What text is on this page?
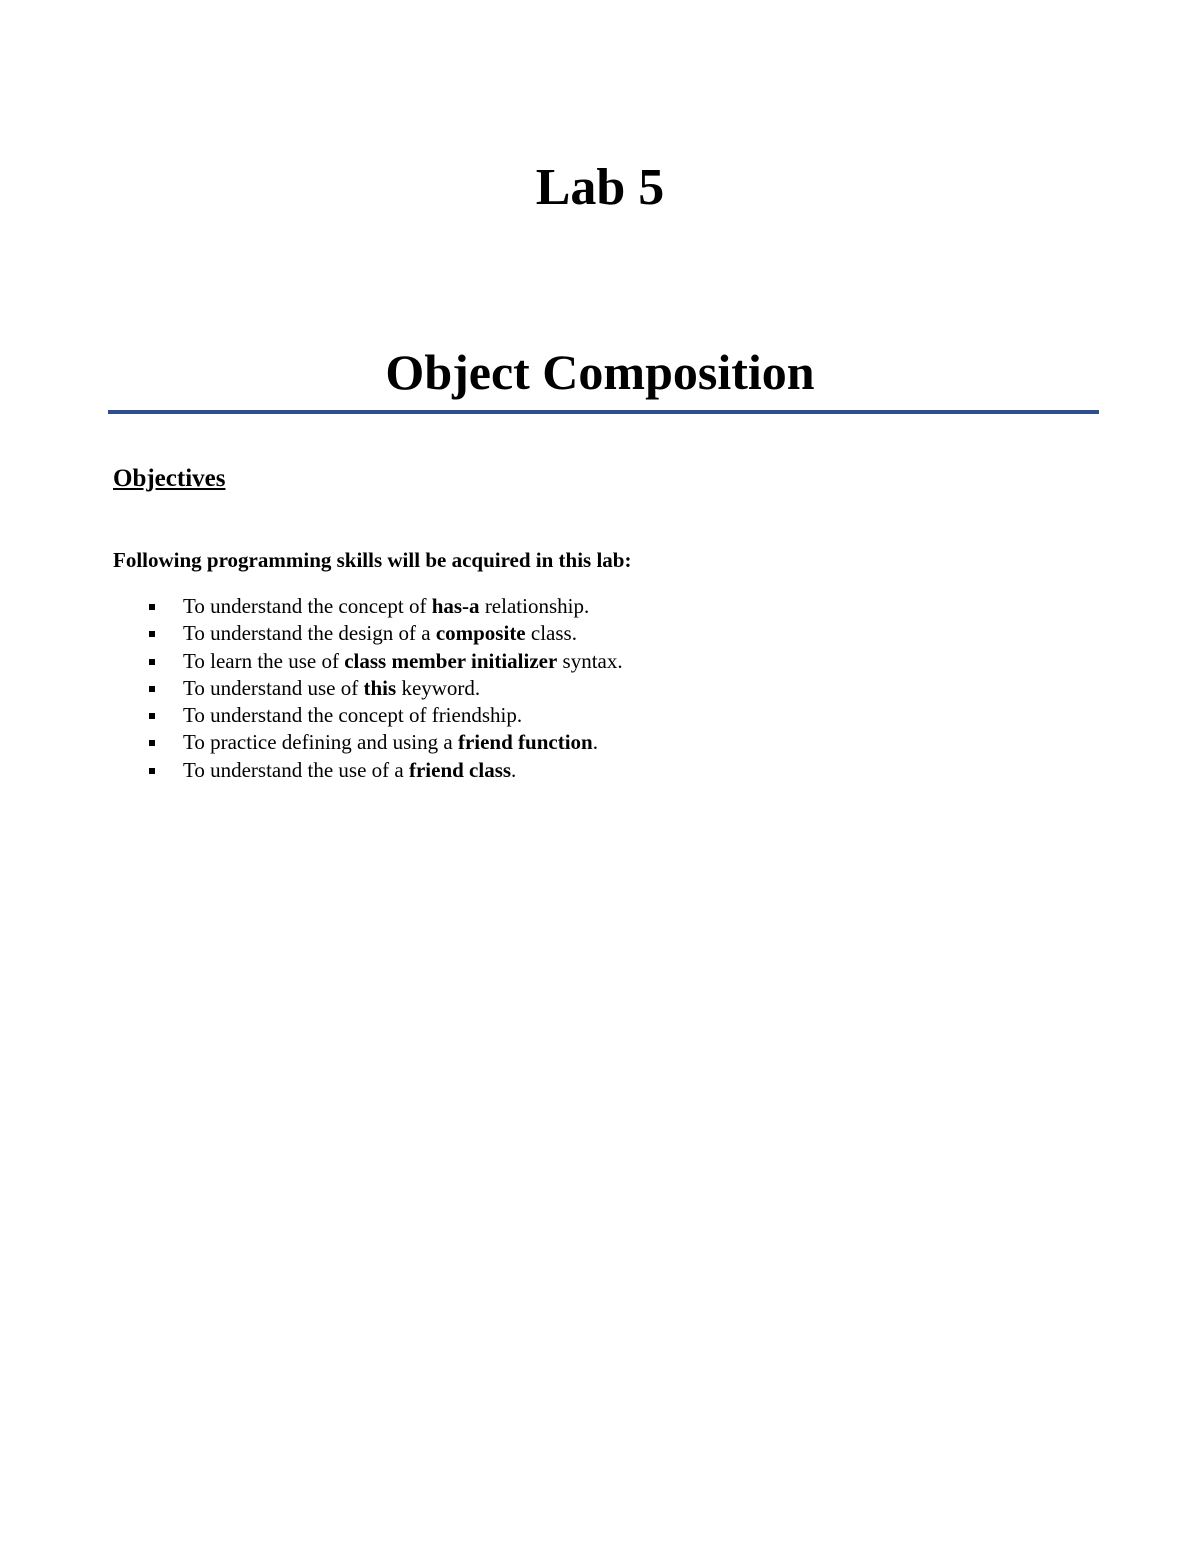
Lab 5
Object Composition
Objectives

Following programming skills will be acquired in this lab:

To understand the concept of has-a relationship.
To understand the design of a composite class.
To learn the use of class member initializer syntax.
To understand use of this keyword.
To understand the concept of friendship.
To practice defining and using a friend function.
To understand the use of a friend class.
